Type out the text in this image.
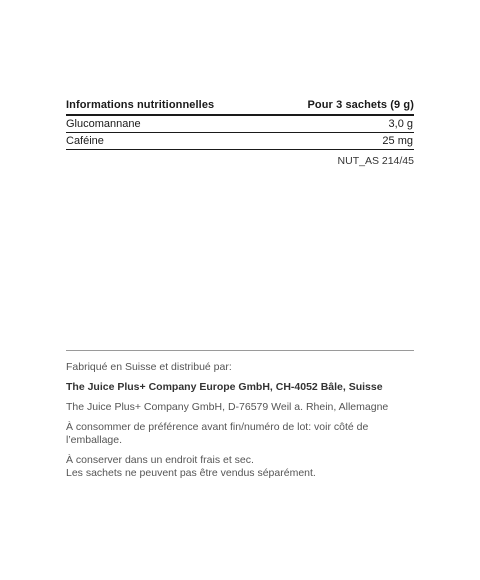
Informations nutritionnelles	Pour 3 sachets (9 g)
Glucomannane	3,0 g
Caféine	25 mg
NUT_AS 214/45

Fabriqué en Suisse et distribué par:

The Juice Plus+ Company Europe GmbH, CH-4052 Bâle, Suisse

The Juice Plus+ Company GmbH, D-76579 Weil a. Rhein, Allemagne

À consommer de préférence avant fin/numéro de lot: voir côté de l’emballage.

À conserver dans un endroit frais et sec.

Les sachets ne peuvent pas être vendus séparément.
